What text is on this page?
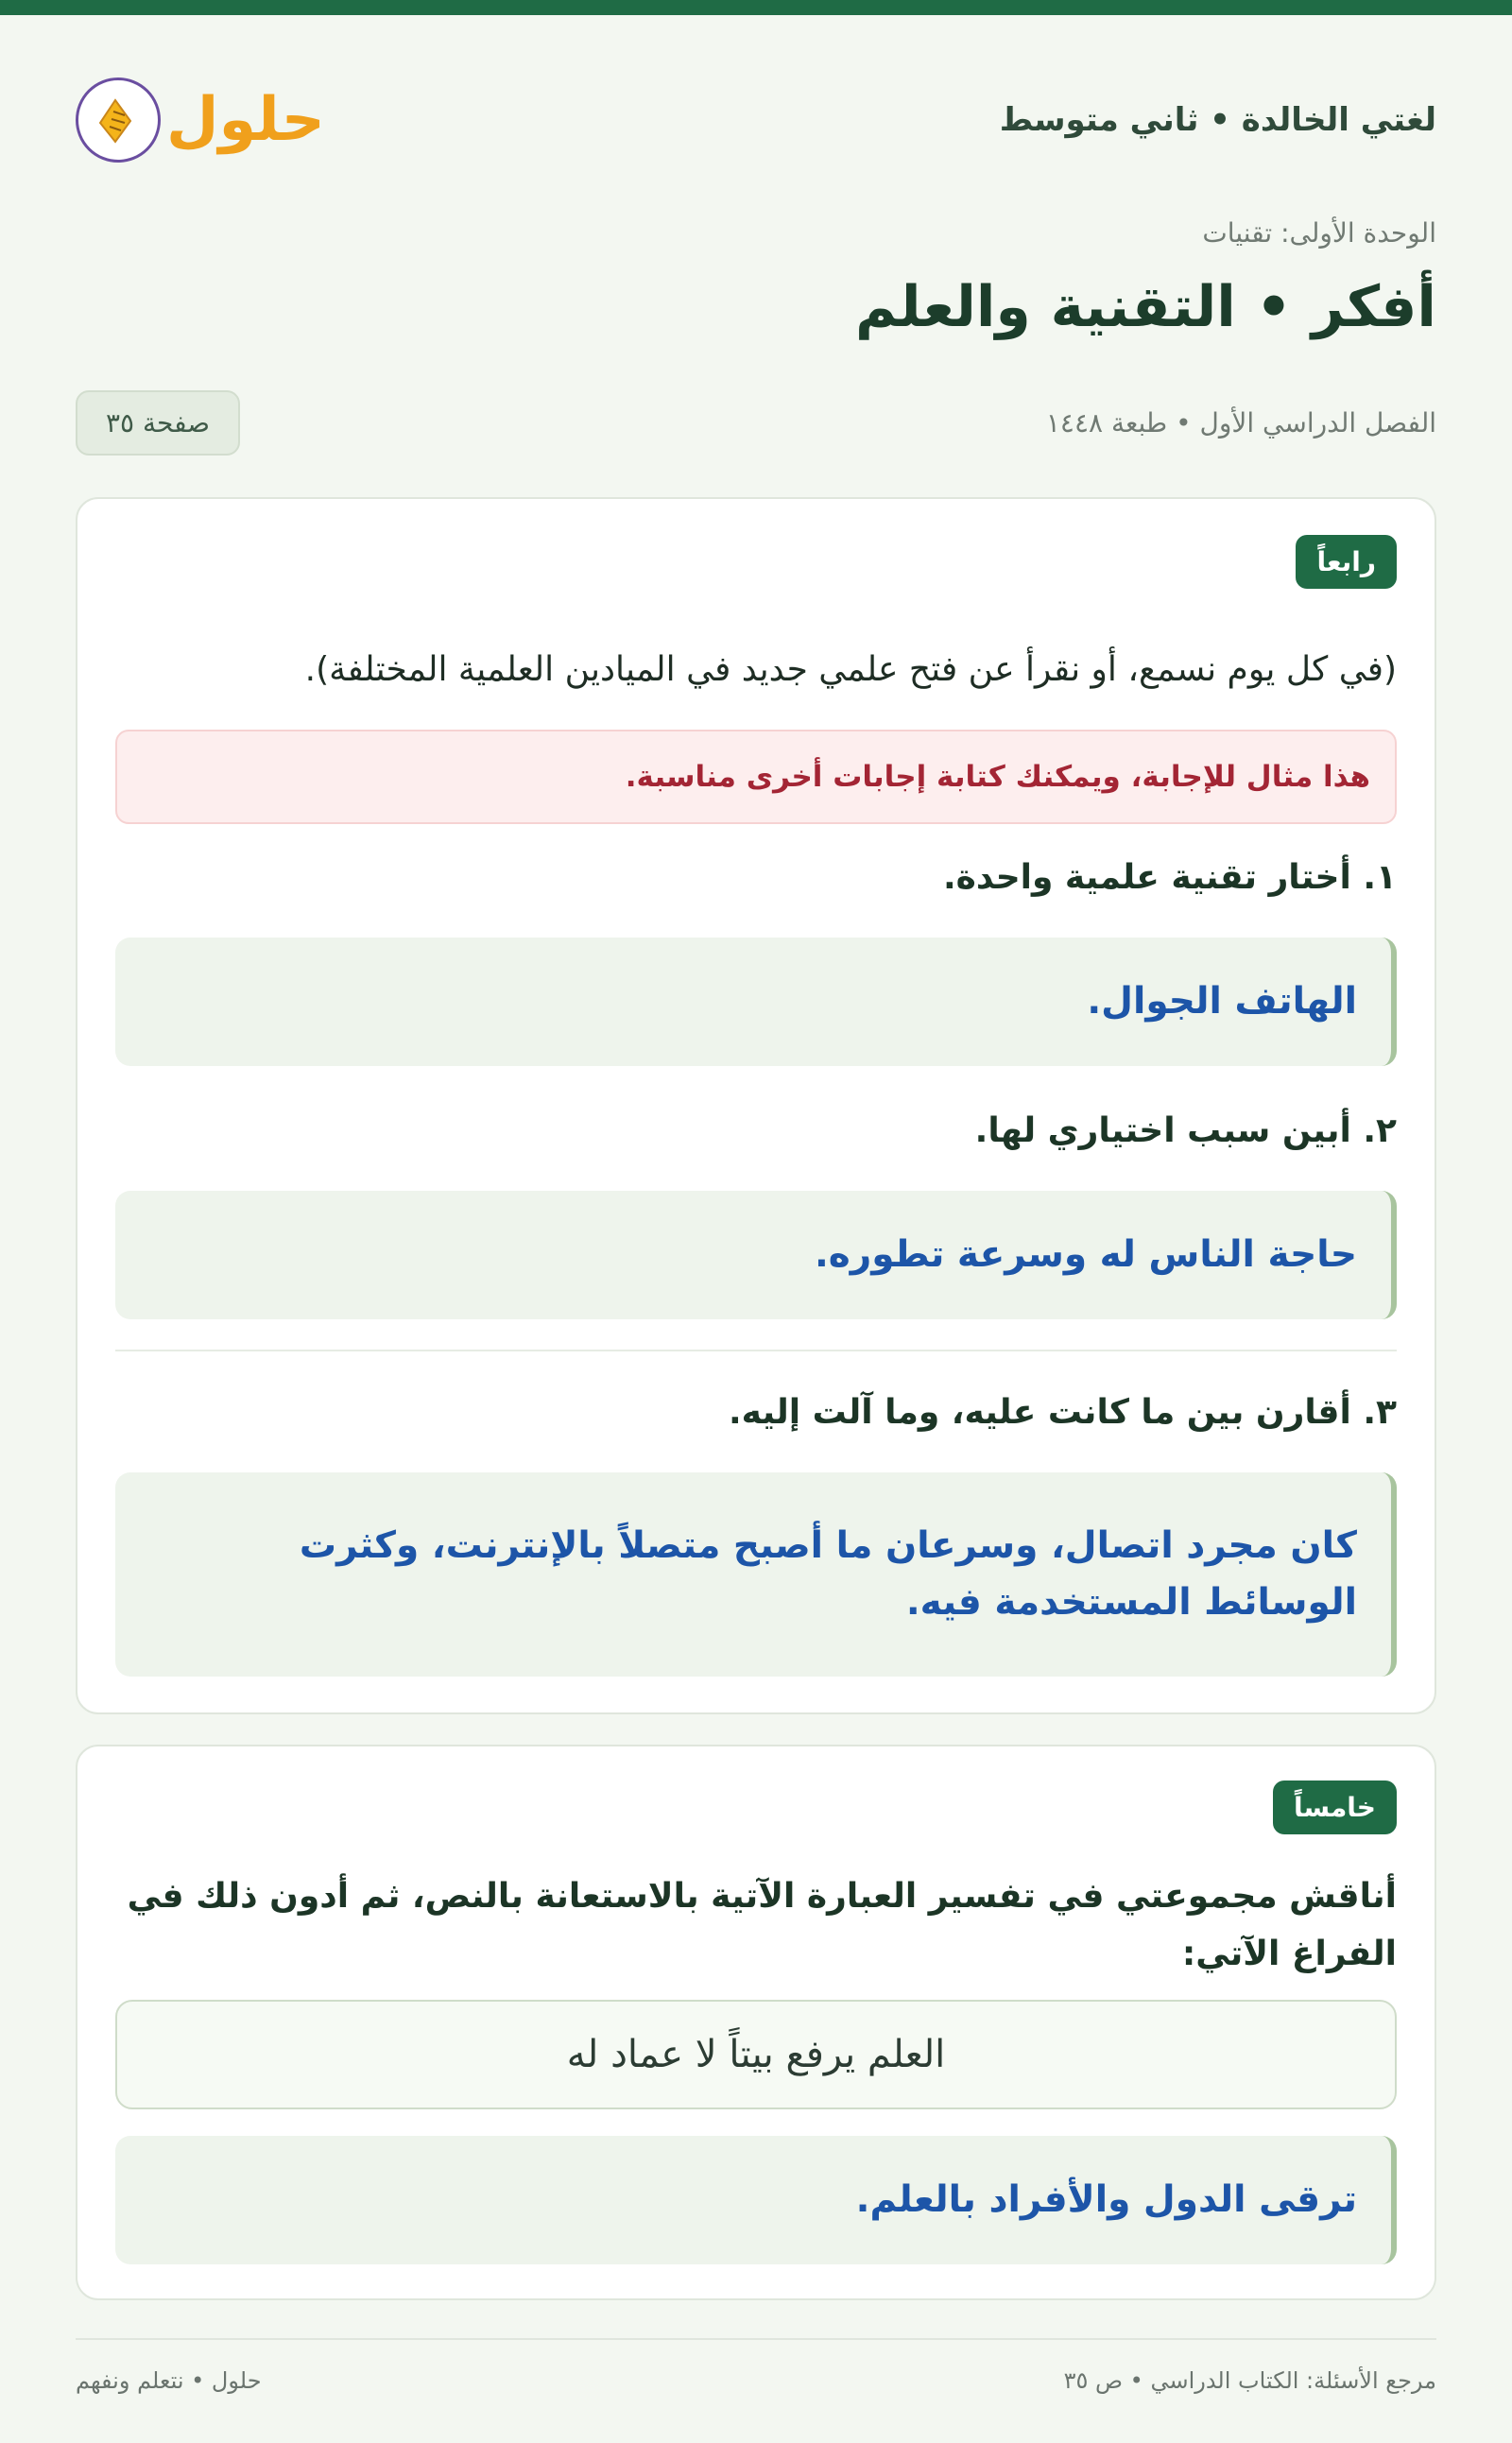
لغتي الخالدة • ثاني متوسط
حلول
الوحدة الأولى: تقنيات
أفكر • التقنية والعلم
الفصل الدراسي الأول • طبعة ١٤٤٨
صفحة ٣٥
رابعاً

(في كل يوم نسمع، أو نقرأ عن فتح علمي جديد في الميادين العلمية المختلفة).

هذا مثال للإجابة، ويمكنك كتابة إجابات أخرى مناسبة.
١. أختار تقنية علمية واحدة.
الهاتف الجوال.
٢. أبين سبب اختياري لها.
حاجة الناس له وسرعة تطوره.
٣. أقارن بين ما كانت عليه، وما آلت إليه.
كان مجرد اتصال، وسرعان ما أصبح متصلاً بالإنترنت، وكثرت الوسائط المستخدمة فيه.
خامساً
أناقش مجموعتي في تفسير العبارة الآتية بالاستعانة بالنص، ثم أدون ذلك في الفراغ الآتي:
العلم يرفع بيتاً لا عماد له
ترقى الدول والأفراد بالعلم.
مرجع الأسئلة: الكتاب الدراسي • ص ٣٥
حلول • نتعلم ونفهم
